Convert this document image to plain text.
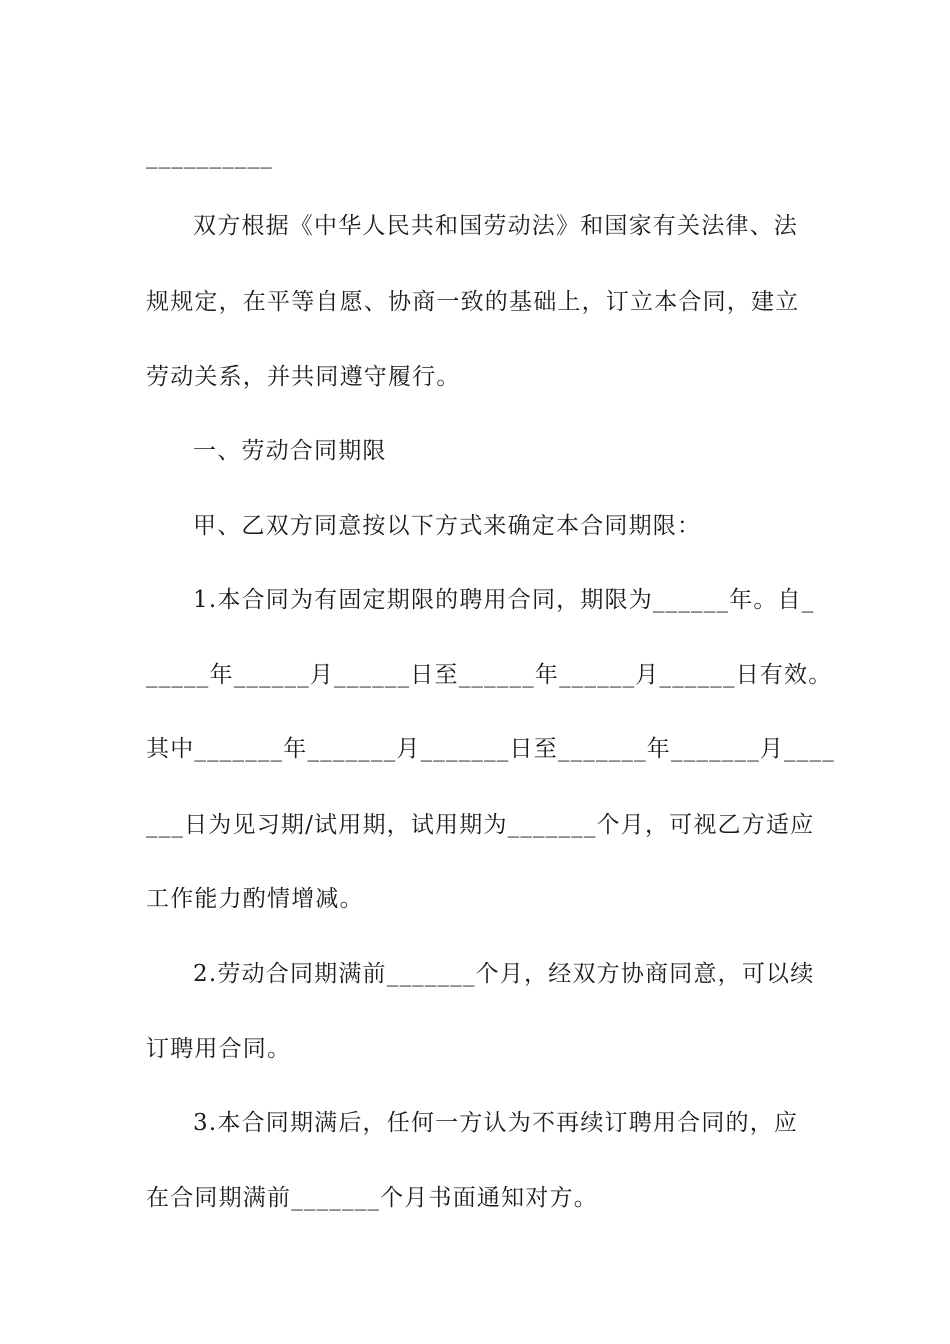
__________
双方根据《中华人民共和国劳动法》和国家有关法律、法
规规定，在平等自愿、协商一致的基础上，订立本合同，建立
劳动关系，并共同遵守履行。
一、劳动合同期限
甲、乙双方同意按以下方式来确定本合同期限：
1.本合同为有固定期限的聘用合同，期限为______年。自_
_____年______月______日至______年______月______日有效。
其中_______年_______月_______日至_______年_______月____
___日为见习期/试用期，试用期为_______个月，可视乙方适应
工作能力酌情增减。
2.劳动合同期满前_______个月，经双方协商同意，可以续
订聘用合同。
3.本合同期满后，任何一方认为不再续订聘用合同的，应
在合同期满前_______个月书面通知对方。
